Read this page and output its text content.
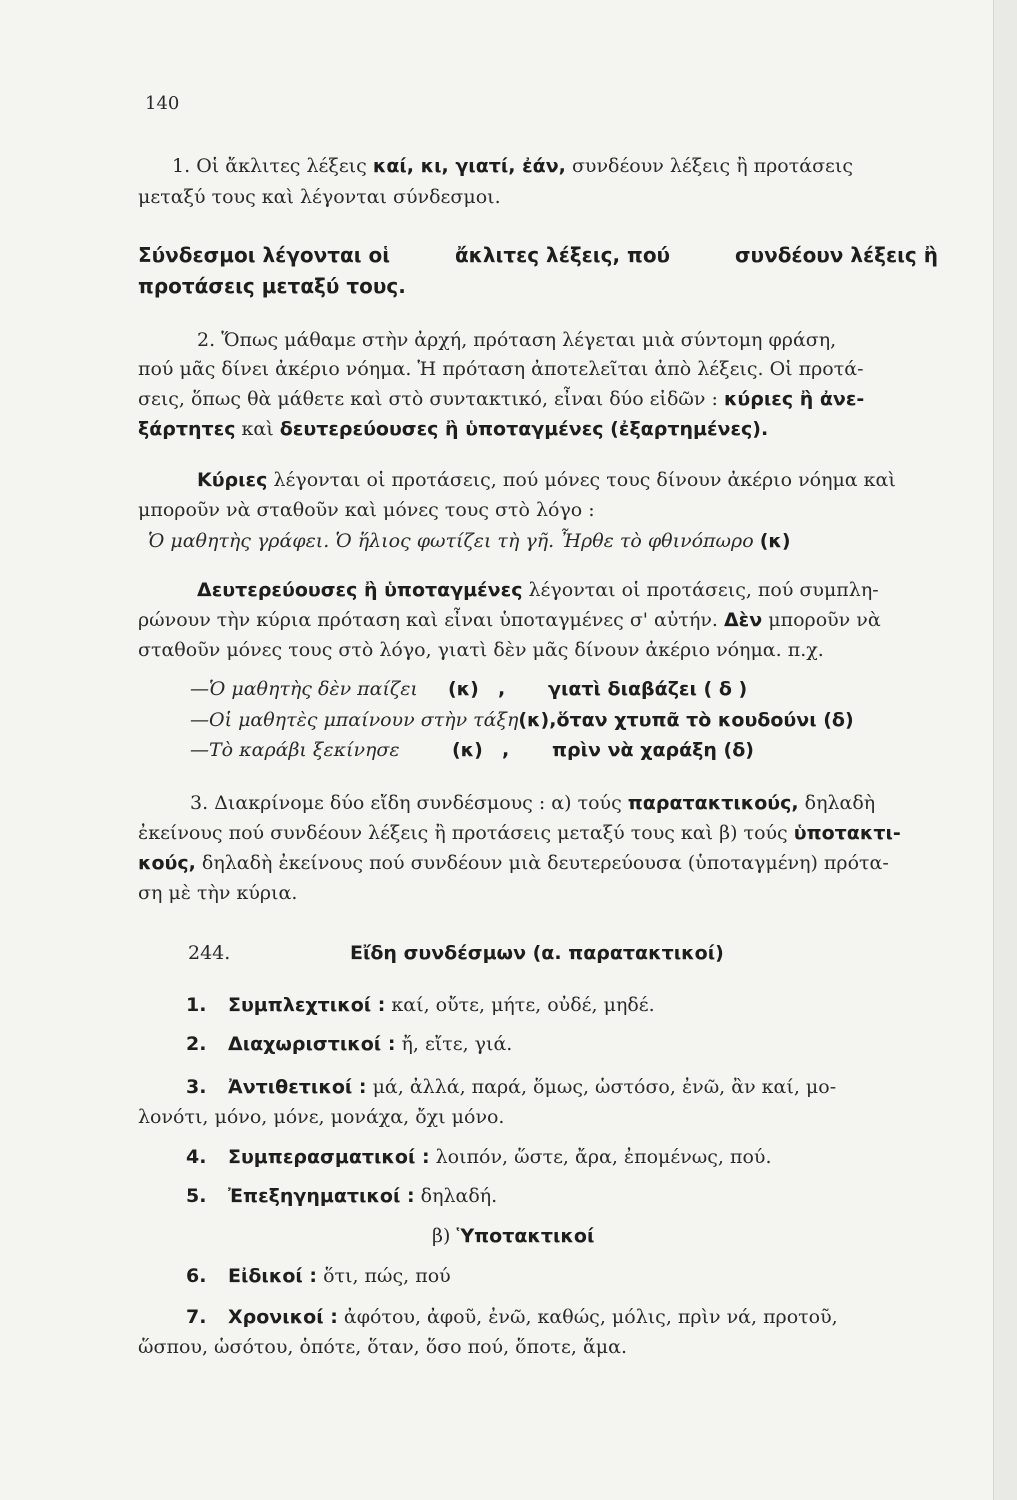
140
1. Οἱ ἄκλιτες λέξεις καί, κι, γιατί, ἐάν, συνδέουν λέξεις ἢ προτάσεις
μεταξύ τους καὶ λέγονται σύνδεσμοι.
Σύνδεσμοι λέγονται οἱ	ἄκλιτες λέξεις, πού	συνδέουν λέξεις ἢ
προτάσεις μεταξύ τους.
2. Ὅπως μάθαμε στὴν ἀρχή, πρόταση λέγεται μιὰ σύντομη φράση,
πού μᾶς δίνει ἀκέριο νόημα. Ἡ πρόταση ἀποτελεῖται ἀπὸ λέξεις. Οἱ προτά-
σεις, ὅπως θὰ μάθετε καὶ στὸ συντακτικό, εἶναι δύο εἰδῶν : κύριες ἢ ἀνε-
ξάρτητες καὶ δευτερεύουσες ἢ ὑποταγμένες (ἐξαρτημένες).
Κύριες λέγονται οἱ προτάσεις, πού μόνες τους δίνουν ἀκέριο νόημα καὶ
μποροῦν νὰ σταθοῦν καὶ μόνες τους στὸ λόγο :
Ὁ μαθητὴς γράφει. Ὁ ἥλιος φωτίζει τὴ γῆ. Ἦρθε τὸ φθινόπωρο (κ)
Δευτερεύουσες ἢ ὑποταγμένες λέγονται οἱ προτάσεις, πού συμπλη-
ρώνουν τὴν κύρια πρόταση καὶ εἶναι ὑποταγμένες σ' αὐτήν. Δὲν μποροῦν νὰ
σταθοῦν μόνες τους στὸ λόγο, γιατὶ δὲν μᾶς δίνουν ἀκέριο νόημα. π.χ.
—Ὁ μαθητὴς δὲν παίζει (κ) , γιατὶ διαβάζει ( δ )
—Οἱ μαθητὲς μπαίνουν στὴν τάξη(κ),ὅταν χτυπᾶ τὸ κουδούνι (δ)
—Τὸ καράβι ξεκίνησε	(κ) , πρὶν νὰ χαράξη (δ)
3. Διακρίνομε δύο εἴδη συνδέσμους : α) τούς παρατακτικούς, δηλαδὴ
ἐκείνους πού συνδέουν λέξεις ἢ προτάσεις μεταξύ τους καὶ β) τούς ὑποτακτι-
κούς, δηλαδὴ ἐκείνους πού συνδέουν μιὰ δευτερεύουσα (ὑποταγμένη) πρότα-
ση μὲ τὴν κύρια.
244.	Εἴδη συνδέσμων (α. παρατακτικοί)
1. Συμπλεχτικοί : καί, οὔτε, μήτε, οὐδέ, μηδέ.
2. Διαχωριστικοί : ἤ, εἴτε, γιά.
3. Ἀντιθετικοί : μά, ἀλλά, παρά, ὅμως, ὡστόσο, ἐνῶ, ἂν καί, μο-
λονότι, μόνο, μόνε, μονάχα, ὄχι μόνο.
4. Συμπερασματικοί : λοιπόν, ὥστε, ἄρα, ἐπομένως, πού.
5. Ἐπεξηγηματικοί : δηλαδή.
β) Ὑποτακτικοί
6. Εἰδικοί : ὅτι, πώς, πού
7. Χρονικοί : ἀφότου, ἀφοῦ, ἐνῶ, καθώς, μόλις, πρὶν νά, προτοῦ,
ὥσπου, ὡσότου, ὁπότε, ὅταν, ὅσο πού, ὅποτε, ἅμα.
